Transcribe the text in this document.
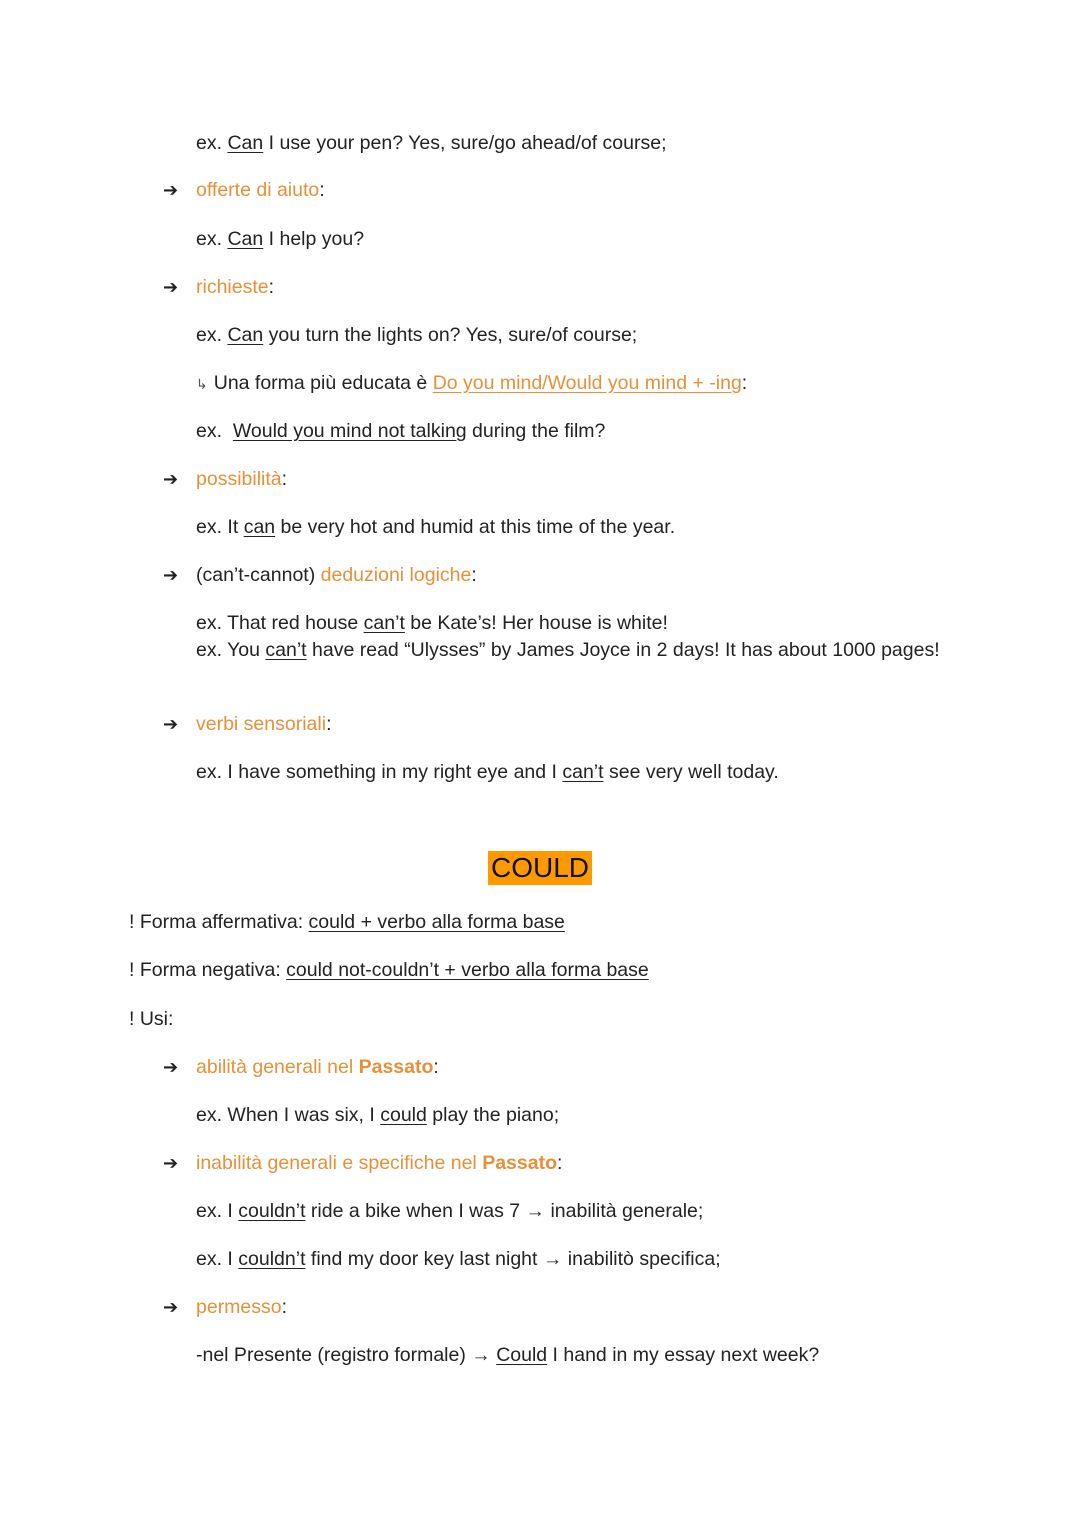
ex. Can I use your pen? Yes, sure/go ahead/of course;
➔ offerte di aiuto:
ex. Can I help you?
➔ richieste:
ex. Can you turn the lights on? Yes, sure/of course;
↳ Una forma più educata è Do you mind/Would you mind + -ing:
ex.  Would you mind not talking during the film?
➔ possibilità:
ex. It can be very hot and humid at this time of the year.
➔ (can’t-cannot) deduzioni logiche:
ex. That red house can’t be Kate’s! Her house is white!
ex. You can’t have read “Ulysses” by James Joyce in 2 days! It has about 1000 pages!
➔ verbi sensoriali:
ex. I have something in my right eye and I can’t see very well today.
COULD
! Forma affermativa: could + verbo alla forma base
! Forma negativa: could not-couldn’t + verbo alla forma base
! Usi:
➔ abilità generali nel Passato:
ex. When I was six, I could play the piano;
➔ inabilità generali e specifiche nel Passato:
ex. I couldn’t ride a bike when I was 7 → inabilità generale;
ex. I couldn’t find my door key last night → inabilitò specifica;
➔ permesso:
-nel Presente (registro formale) → Could I hand in my essay next week?
